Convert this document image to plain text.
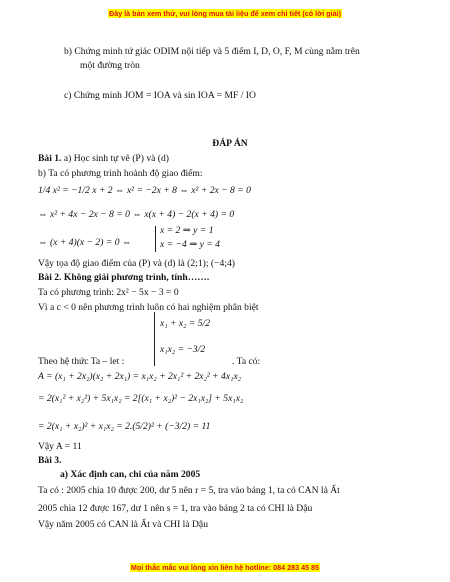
Đây là bản xem thử, vui lòng mua tài liệu để xem chi tiết (có lời giải)
b) Chứng minh tứ giác ODIM nội tiếp và 5 điểm I, D, O, F, M cùng nằm trên
một đường tròn
c) Chứng minh JOM = IOA và sin IOA = MF / IO
ĐÁP ÁN
Bài 1. a) Học sinh tự vẽ (P) và (d)
b) Ta có phương trình hoành độ giao điểm:
1/4 x² = −1/2 x + 2 ⇔ x² = −2x + 8 ⇔ x² + 2x − 8 = 0
⇔ x² + 4x − 2x − 8 = 0 ⇔ x(x + 4) − 2(x + 4) = 0
⇔ (x + 4)(x − 2) = 0 ⇔
x = 2 ⇒ y = 1
x = −4 ⇒ y = 4
Vậy tọa độ giao điểm của (P) và (d) là (2;1); (−4;4)
Bài 2. Không giải phương trình, tính…….
Ta có phương trình: 2x² − 5x − 3 = 0
Vì a c < 0 nên phương trình luôn có hai nghiệm phân biệt
x₁ + x₂ = 5/2
x₁x₂ = −3/2
Theo hệ thức Ta – let :	. Ta có:
A = (x₁ + 2x₂)(x₂ + 2x₁) = x₁x₂ + 2x₁² + 2x₂² + 4x₁x₂
= 2(x₁² + x₂²) + 5x₁x₂ = 2[(x₁ + x₂)² − 2x₁x₂] + 5x₁x₂
= 2(x₁ + x₂)² + x₁x₂ = 2.(5/2)² + (−3/2) = 11
Vậy A = 11
Bài 3.
a) Xác định can, chi của năm 2005
Ta có : 2005 chia 10 được 200, dư 5 nên r = 5, tra vào bảng 1, ta có CAN là Ất
2005 chia 12 được 167, dư 1 nên s = 1, tra vào bảng 2 ta có CHI là Dậu
Vậy năm 2005 có CAN là Ất và CHI là Dậu
Mọi thắc mắc vui lòng xin liên hệ hotline: 084 283 45 85
